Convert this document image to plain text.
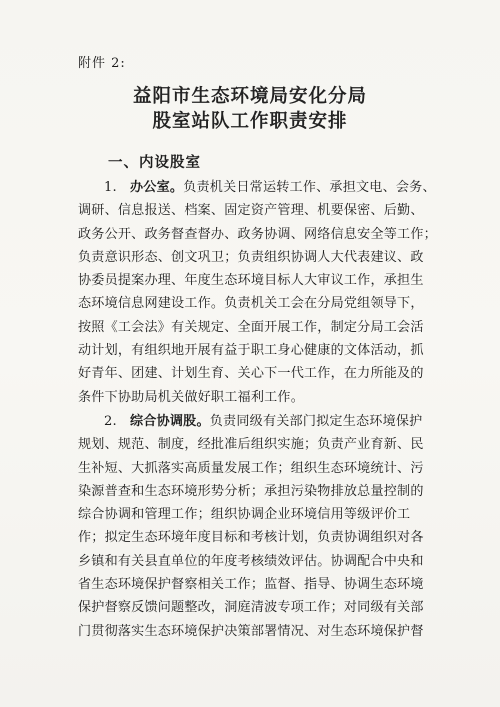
附件 2:
益阳市生态环境局安化分局
股室站队工作职责安排
一、内设股室
1. 办公室。负责机关日常运转工作、承担文电、会务、
调研、信息报送、档案、固定资产管理、机要保密、后勤、
政务公开、政务督查督办、政务协调、网络信息安全等工作；
负责意识形态、创文巩卫；负责组织协调人大代表建议、政
协委员提案办理、年度生态环境目标人大审议工作，承担生
态环境信息网建设工作。负责机关工会在分局党组领导下，
按照《工会法》有关规定、全面开展工作，制定分局工会活
动计划，有组织地开展有益于职工身心健康的文体活动，抓
好青年、团建、计划生育、关心下一代工作，在力所能及的
条件下协助局机关做好职工福利工作。
2. 综合协调股。负责同级有关部门拟定生态环境保护
规划、规范、制度，经批准后组织实施；负责产业育新、民
生补短、大抓落实高质量发展工作；组织生态环境统计、污
染源普查和生态环境形势分析；承担污染物排放总量控制的
综合协调和管理工作；组织协调企业环境信用等级评价工
作；拟定生态环境年度目标和考核计划，负责协调组织对各
乡镇和有关县直单位的年度考核绩效评估。协调配合中央和
省生态环境保护督察相关工作；监督、指导、协调生态环境
保护督察反馈问题整改，洞庭清波专项工作；对同级有关部
门贯彻落实生态环境保护决策部署情况、对生态环境保护督
